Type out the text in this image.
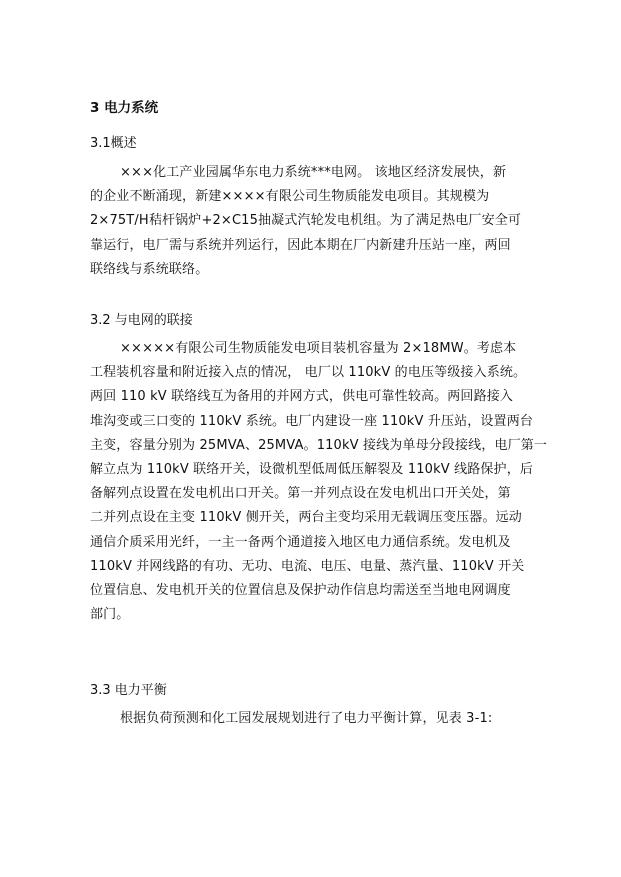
3 电力系统
3.1概述
×××化工产业园属华东电力系统***电网。 该地区经济发展快，新
的企业不断涌现，新建××××有限公司生物质能发电项目。其规模为
2×75T/H秸杆锅炉+2×C15抽凝式汽轮发电机组。为了满足热电厂安全可
靠运行，电厂需与系统并列运行，因此本期在厂内新建升压站一座，两回
联络线与系统联络。
3.2 与电网的联接
×××××有限公司生物质能发电项目装机容量为 2×18MW。考虑本
工程装机容量和附近接入点的情况， 电厂以 110kV 的电压等级接入系统。
两回 110 kV 联络线互为备用的并网方式，供电可靠性较高。两回路接入
堆沟变或三口变的 110kV 系统。电厂内建设一座 110kV 升压站，设置两台
主变，容量分别为 25MVA、25MVA。110kV 接线为单母分段接线，电厂第一
解立点为 110kV 联络开关，设微机型低周低压解裂及 110kV 线路保护，后
备解列点设置在发电机出口开关。第一并列点设在发电机出口开关处，第
二并列点设在主变 110kV 侧开关，两台主变均采用无载调压变压器。远动
通信介质采用光纤，一主一备两个通道接入地区电力通信系统。发电机及
110kV 并网线路的有功、无功、电流、电压、电量、蒸汽量、110kV 开关
位置信息、发电机开关的位置信息及保护动作信息均需送至当地电网调度
部门。
3.3 电力平衡
根据负荷预测和化工园发展规划进行了电力平衡计算，见表 3-1:
